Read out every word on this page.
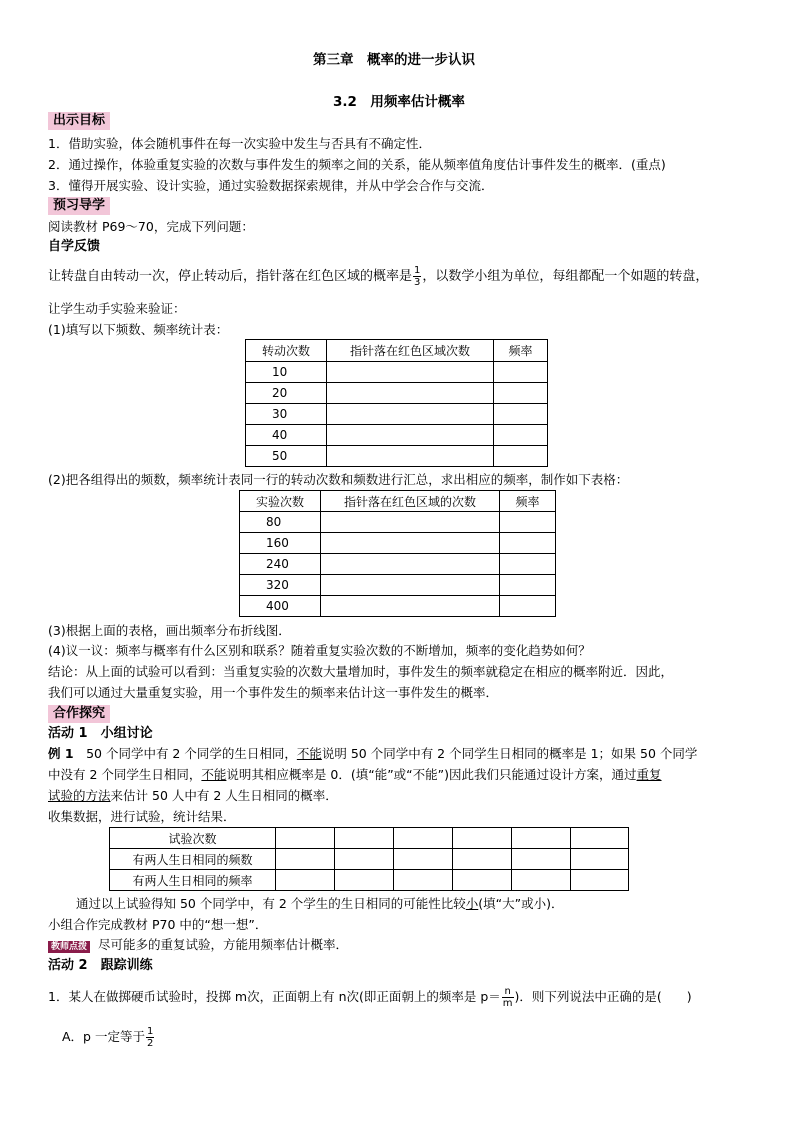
第三章　概率的进一步认识
3.2　用频率估计概率
出示目标
1．借助实验，体会随机事件在每一次实验中发生与否具有不确定性．
2．通过操作，体验重复实验的次数与事件发生的频率之间的关系，能从频率值角度估计事件发生的概率．(重点)
3．懂得开展实验、设计实验，通过实验数据探索规律，并从中学会合作与交流．
预习导学
阅读教材 P69～70，完成下列问题：
自学反馈
让转盘自由转动一次，停止转动后，指针落在红色区域的概率是 $\frac{1}{3}$ ，以数学小组为单位，每组都配一个如题的转盘，
让学生动手实验来验证：
(1)填写以下频数、频率统计表：
转动次数	指针落在红色区域次数	频率
10		
20		
30		
40		
50		
(2)把各组得出的频数，频率统计表同一行的转动次数和频数进行汇总，求出相应的频率，制作如下表格：
实验次数	指针落在红色区域的次数	频率
80		
160		
240		
320		
400		
(3)根据上面的表格，画出频率分布折线图．
(4)议一议：频率与概率有什么区别和联系？随着重复实验次数的不断增加，频率的变化趋势如何？
结论：从上面的试验可以看到：当重复实验的次数大量增加时，事件发生的频率就稳定在相应的概率附近．因此，
我们可以通过大量重复实验，用一个事件发生的频率来估计这一事件发生的概率．
合作探究
活动 1　小组讨论
例 1　50 个同学中有 2 个同学的生日相同，不能说明 50 个同学中有 2 个同学生日相同的概率是 1；如果 50 个同学
中没有 2 个同学生日相同，不能说明其相应概率是 0．(填“能”或“不能”)因此我们只能通过设计方案，通过重复
试验的方法来估计 50 人中有 2 人生日相同的概率．
收集数据，进行试验，统计结果．
试验次数						
有两人生日相同的频数						
有两人生日相同的频率						
通过以上试验得知 50 个同学中，有 2 个学生的生日相同的可能性比较小(填“大”或小)．
小组合作完成教材 P70 中的“想一想”．
教师点拨 尽可能多的重复试验，方能用频率估计概率．
活动 2　跟踪训练
1．某人在做掷硬币试验时，投掷 m次，正面朝上有 n次(即正面朝上的频率是 $p= \frac{n}{m}$ )．则下列说法中正确的是(　　)
A．p 一定等于 $\frac{1}{2}$
